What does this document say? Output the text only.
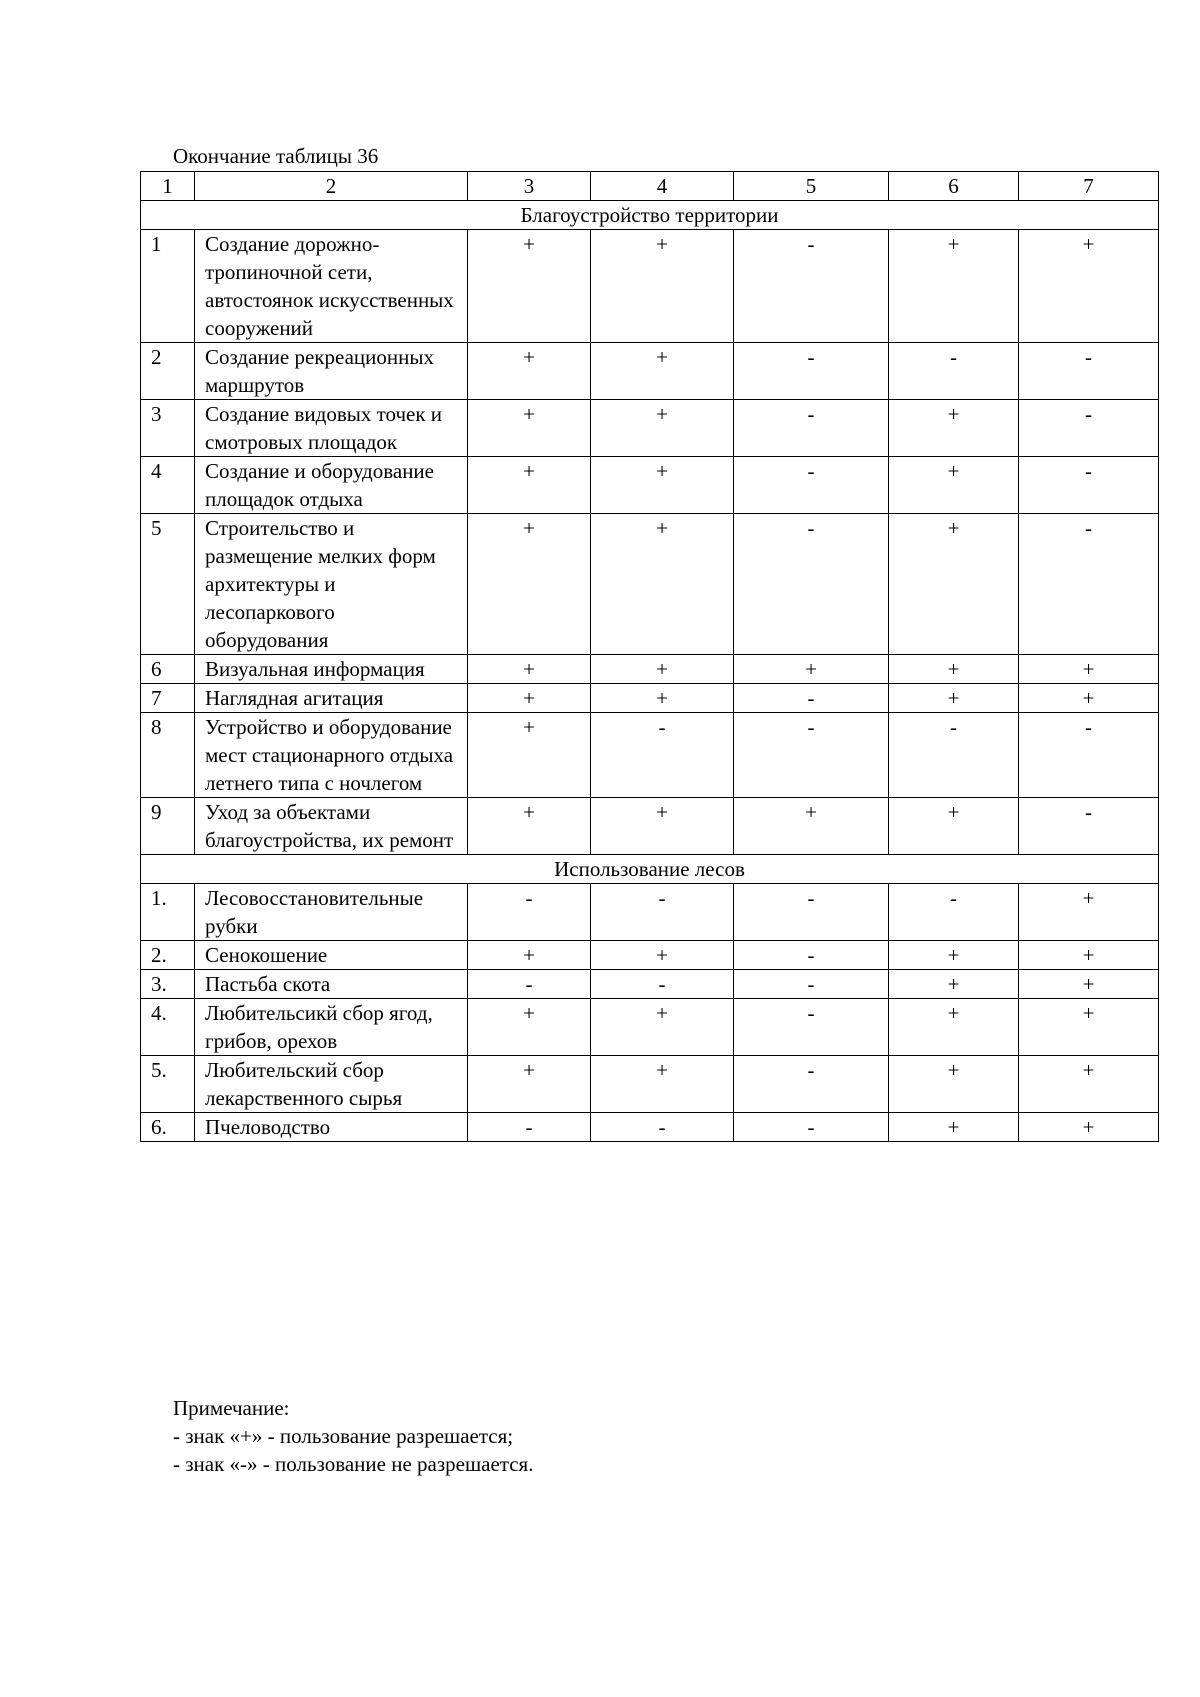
Окончание таблицы 36
1	2	3	4	5	6	7
Благоустройство территории						
1	Создание дорожно-тропиночной сети, автостоянок искусственных сооружений	+	+	-	+	+
2	Создание рекреационных маршрутов	+	+	-	-	-
3	Создание видовых точек и смотровых площадок	+	+	-	+	-
4	Создание и оборудование площадок отдыха	+	+	-	+	-
5	Строительство и размещение мелких форм архитектуры и лесопаркового оборудования	+	+	-	+	-
6	Визуальная информация	+	+	+	+	+
7	Наглядная агитация	+	+	-	+	+
8	Устройство и оборудование мест стационарного отдыха летнего типа с ночлегом	+	-	-	-	-
9	Уход за объектами благоустройства, их ремонт	+	+	+	+	-
Использование лесов						
1.	Лесовосстановительные рубки	-	-	-	-	+
2.	Сенокошение	+	+	-	+	+
3.	Пастьба скота	-	-	-	+	+
4.	Любительсикй сбор ягод, грибов, орехов	+	+	-	+	+
5.	Любительский сбор лекарственного сырья	+	+	-	+	+
6.	Пчеловодство	-	-	-	+	+
Примечание:
- знак «+» - пользование разрешается;
- знак «-» - пользование не разрешается.
